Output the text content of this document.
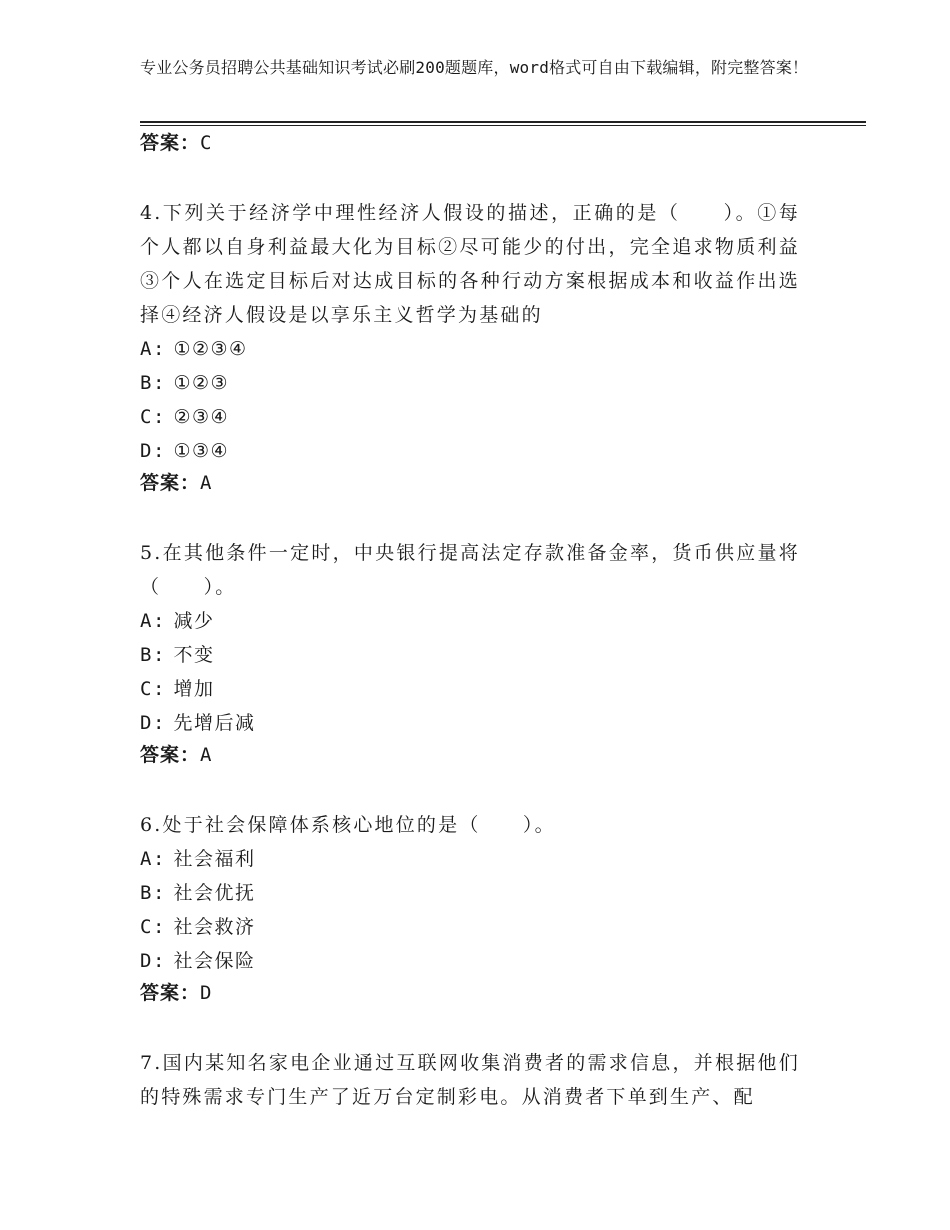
专业公务员招聘公共基础知识考试必刷200题题库，word格式可自由下载编辑，附完整答案！
答案：C
4.下列关于经济学中理性经济人假设的描述，正确的是（　　）。①每个人都以自身利益最大化为目标②尽可能少的付出，完全追求物质利益③个人在选定目标后对达成目标的各种行动方案根据成本和收益作出选择④经济人假设是以享乐主义哲学为基础的
A: ①②③④
B: ①②③
C: ②③④
D: ①③④
答案：A
5.在其他条件一定时，中央银行提高法定存款准备金率，货币供应量将（　　）。
A: 减少
B: 不变
C: 增加
D: 先增后减
答案：A
6.处于社会保障体系核心地位的是（　　）。
A: 社会福利
B: 社会优抚
C: 社会救济
D: 社会保险
答案：D
7.国内某知名家电企业通过互联网收集消费者的需求信息，并根据他们的特殊需求专门生产了近万台定制彩电。从消费者下单到生产、配
